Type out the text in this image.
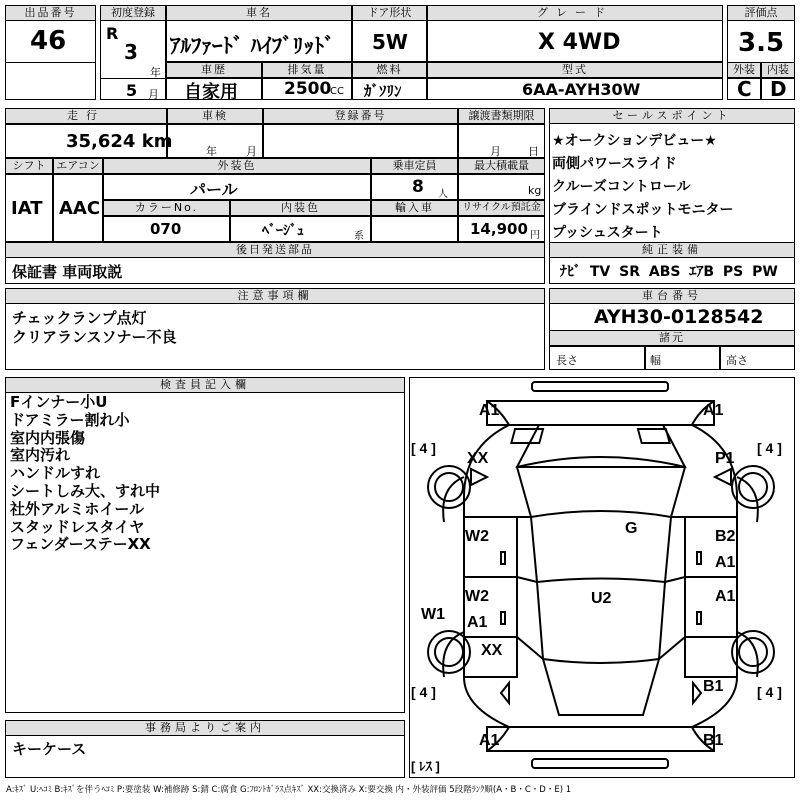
出品番号
46
初度登録
R
3
年
5 月
車名
ｱﾙﾌｧｰﾄﾞ ﾊｲﾌﾞﾘｯﾄﾞ
ドア形状
5W
グレード
X 4WD
評価点
3.5
外装	内装
C D
車歴
自家用
排気量
2500
CC
燃料
ｶﾞｿﾘﾝ
型式
6AA-AYH30W
走行
35,624 km
車検
年	月
登録番号	譲渡書類期限
月 日
シフト
IAT
エアコン
AAC
外装色
パール
乗車定員
8 人
最大積載量
kg
カラーNo.
070
内装色
ﾍﾞｰｼﾞｭ	系
輸入車	リサイクル預託金
14,900 円
後日発送部品
保証書 車両取説
セールスポイント
★オークションデビュー★
両側パワースライド
クルーズコントロール
ブラインドスポットモニター
プッシュスタート
純正装備
ﾅﾋﾞ TV SR ABS ｴｱB PS PW
注意事項欄
チェックランプ点灯
クリアランスソナー不良
車台番号
AYH30-0128542
諸元
長さ	幅	高さ
検査員記入欄
Fインナー小U
ドアミラー割れ小
室内内張傷
室内汚れ
ハンドルすれ
シートしみ大、すれ中
社外アルミホイール
スタッドレスタイヤ
フェンダーステーXX
事務局よりご案内
キーケース
[ 4 ]	[ 4 ]
[ 4 ]	[ 4 ]
[ ﾚｽ ]
A1	A1
XX	P1
G
W2	B2
A1
W2	U2	A1
W1 A1
XX
B1
A1	B1
A:ｷｽﾞ U:ﾍｺﾐ B:ｷｽﾞを伴うﾍｺﾐ P:要塗装 W:補修跡 S:錆 C:腐食 G:ﾌﾛﾝﾄｶﾞﾗｽ点ｷｽﾞ XX:交換済み X:要交換 内・外装評価 5段階ﾗﾝｸ順(A・B・C・D・E) 1
